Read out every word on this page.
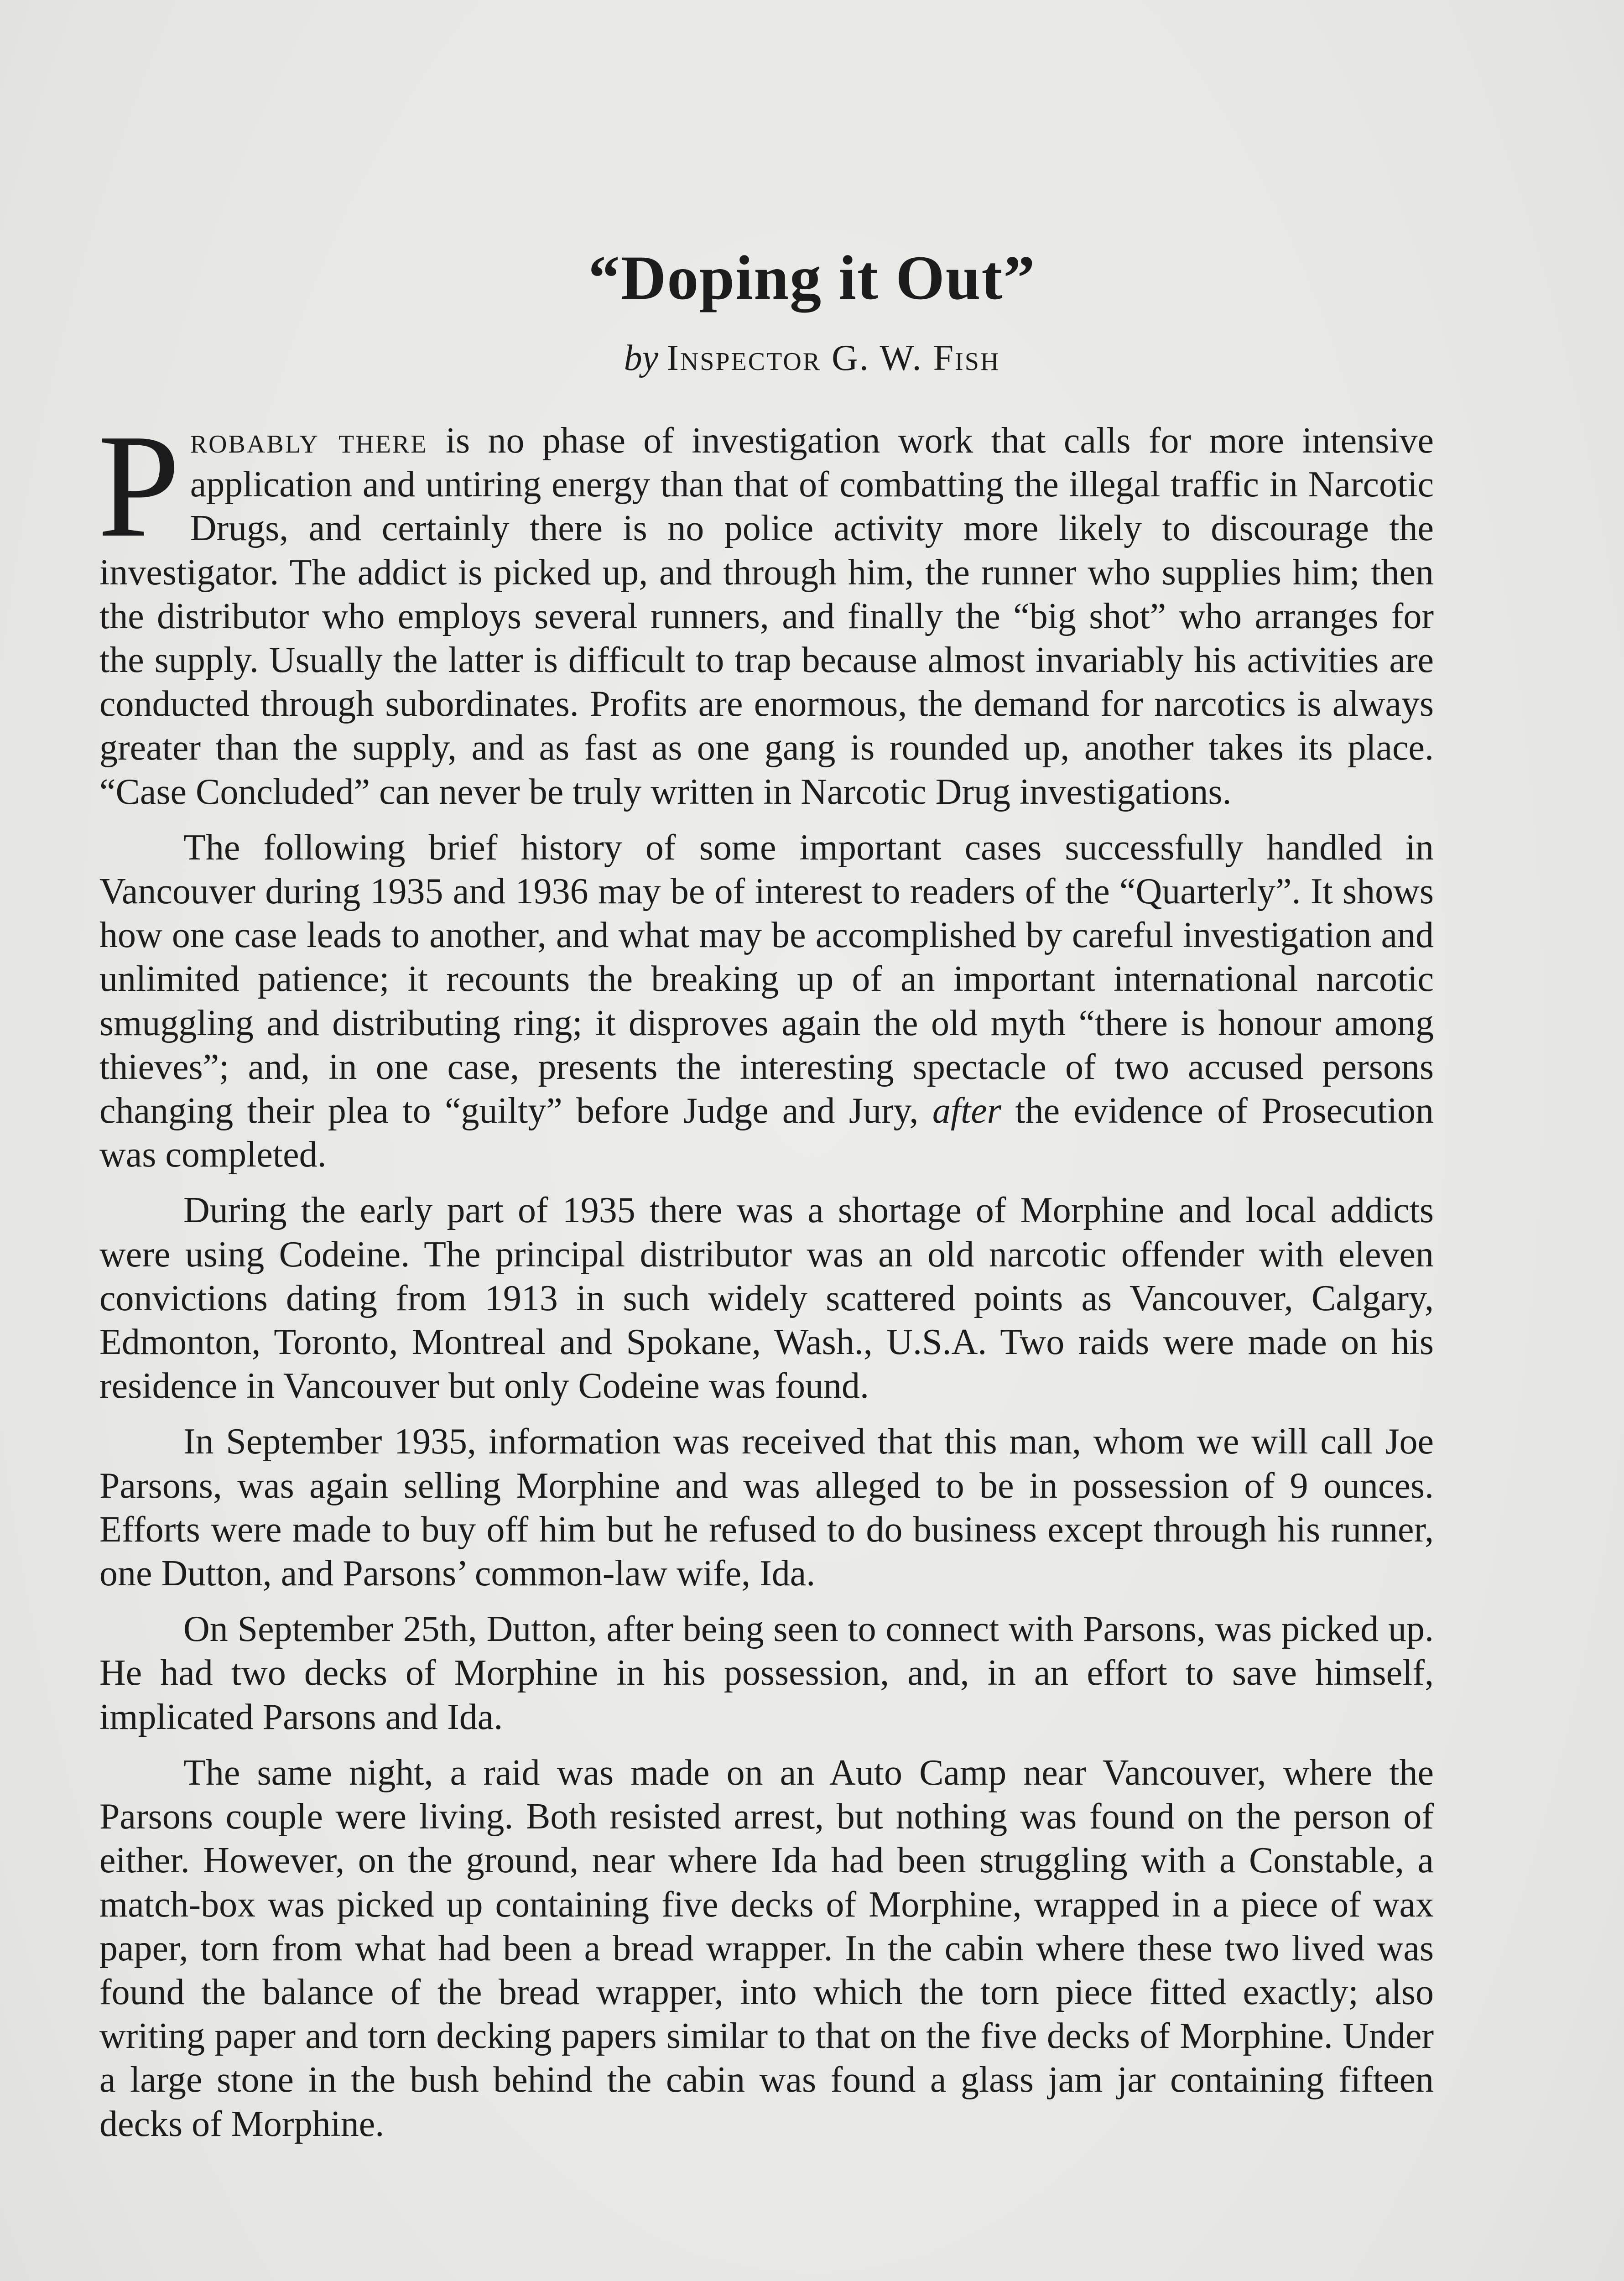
“Doping it Out”
by Inspector G. W. Fish

Probably there is no phase of investigation work that calls for more intensive application and untiring energy than that of combatting the illegal traffic in Narcotic Drugs, and certainly there is no police activity more likely to discourage the investigator. The addict is picked up, and through him, the runner who supplies him; then the distributor who employs several runners, and finally the “big shot” who arranges for the supply. Usually the latter is difficult to trap because almost invariably his activities are conducted through subordinates. Profits are enormous, the demand for narcotics is always greater than the supply, and as fast as one gang is rounded up, another takes its place. “Case Concluded” can never be truly written in Narcotic Drug investigations.

The following brief history of some important cases successfully handled in Vancouver during 1935 and 1936 may be of interest to readers of the “Quarterly”. It shows how one case leads to another, and what may be accomplished by careful investigation and unlimited patience; it recounts the breaking up of an important international narcotic smuggling and distributing ring; it disproves again the old myth “there is honour among thieves”; and, in one case, presents the interesting spectacle of two accused persons changing their plea to “guilty” before Judge and Jury, after the evidence of Prosecution was completed.

During the early part of 1935 there was a shortage of Morphine and local addicts were using Codeine. The principal distributor was an old narcotic offender with eleven convictions dating from 1913 in such widely scattered points as Vancouver, Calgary, Edmonton, Toronto, Montreal and Spokane, Wash., U.S.A. Two raids were made on his residence in Vancouver but only Codeine was found.

In September 1935, information was received that this man, whom we will call Joe Parsons, was again selling Morphine and was alleged to be in possession of 9 ounces. Efforts were made to buy off him but he refused to do business except through his runner, one Dutton, and Parsons’ common-law wife, Ida.

On September 25th, Dutton, after being seen to connect with Parsons, was picked up. He had two decks of Morphine in his possession, and, in an effort to save himself, implicated Parsons and Ida.

The same night, a raid was made on an Auto Camp near Vancouver, where the Parsons couple were living. Both resisted arrest, but nothing was found on the person of either. However, on the ground, near where Ida had been struggling with a Constable, a match-box was picked up containing five decks of Morphine, wrapped in a piece of wax paper, torn from what had been a bread wrapper. In the cabin where these two lived was found the balance of the bread wrapper, into which the torn piece fitted exactly; also writing paper and torn decking papers similar to that on the five decks of Morphine. Under a large stone in the bush behind the cabin was found a glass jam jar containing fifteen decks of Morphine.
